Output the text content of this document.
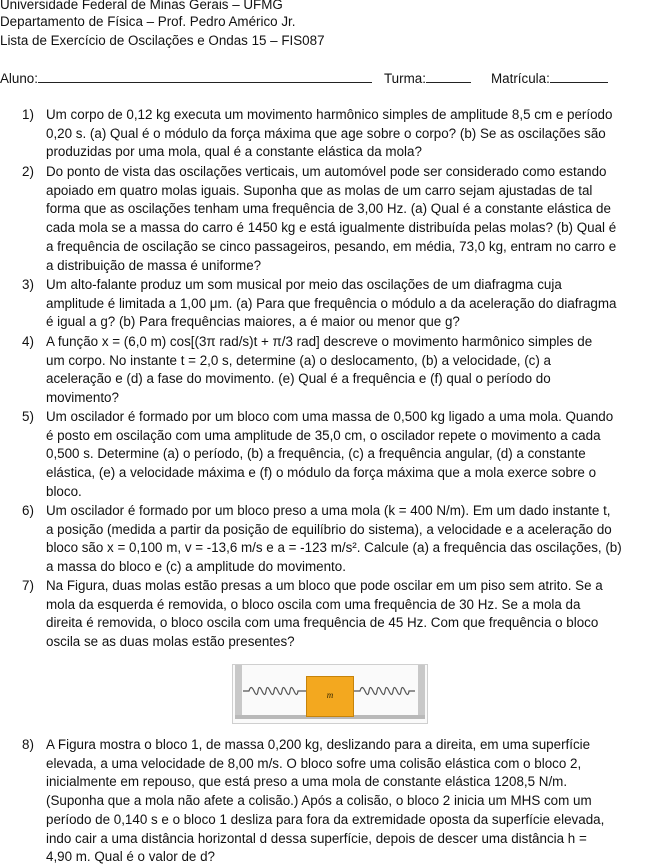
Universidade Federal de Minas Gerais – UFMG
Departamento de Física – Prof. Pedro Américo Jr.
Lista de Exercício de Oscilações e Ondas 15 – FIS087
Aluno:	Turma:	Matrícula:
1) Um corpo de 0,12 kg executa um movimento harmônico simples de amplitude 8,5 cm e período
0,20 s. (a) Qual é o módulo da força máxima que age sobre o corpo? (b) Se as oscilações são
produzidas por uma mola, qual é a constante elástica da mola?
2) Do ponto de vista das oscilações verticais, um automóvel pode ser considerado como estando
apoiado em quatro molas iguais. Suponha que as molas de um carro sejam ajustadas de tal
forma que as oscilações tenham uma frequência de 3,00 Hz. (a) Qual é a constante elástica de
cada mola se a massa do carro é 1450 kg e está igualmente distribuída pelas molas? (b) Qual é
a frequência de oscilação se cinco passageiros, pesando, em média, 73,0 kg, entram no carro e
a distribuição de massa é uniforme?
3) Um alto-falante produz um som musical por meio das oscilações de um diafragma cuja
amplitude é limitada a 1,00 μm. (a) Para que frequência o módulo a da aceleração do diafragma
é igual a g? (b) Para frequências maiores, a é maior ou menor que g?
4) A função x = (6,0 m) cos[(3π rad/s)t + π/3 rad] descreve o movimento harmônico simples de
um corpo. No instante t = 2,0 s, determine (a) o deslocamento, (b) a velocidade, (c) a
aceleração e (d) a fase do movimento. (e) Qual é a frequência e (f) qual o período do
movimento?
5) Um oscilador é formado por um bloco com uma massa de 0,500 kg ligado a uma mola. Quando
é posto em oscilação com uma amplitude de 35,0 cm, o oscilador repete o movimento a cada
0,500 s. Determine (a) o período, (b) a frequência, (c) a frequência angular, (d) a constante
elástica, (e) a velocidade máxima e (f) o módulo da força máxima que a mola exerce sobre o
bloco.
6) Um oscilador é formado por um bloco preso a uma mola (k = 400 N/m). Em um dado instante t,
a posição (medida a partir da posição de equilíbrio do sistema), a velocidade e a aceleração do
bloco são x = 0,100 m, v = -13,6 m/s e a = -123 m/s². Calcule (a) a frequência das oscilações, (b)
a massa do bloco e (c) a amplitude do movimento.
7) Na Figura, duas molas estão presas a um bloco que pode oscilar em um piso sem atrito. Se a
mola da esquerda é removida, o bloco oscila com uma frequência de 30 Hz. Se a mola da
direita é removida, o bloco oscila com uma frequência de 45 Hz. Com que frequência o bloco
oscila se as duas molas estão presentes?
m
8) A Figura mostra o bloco 1, de massa 0,200 kg, deslizando para a direita, em uma superfície
elevada, a uma velocidade de 8,00 m/s. O bloco sofre uma colisão elástica com o bloco 2,
inicialmente em repouso, que está preso a uma mola de constante elástica 1208,5 N/m.
(Suponha que a mola não afete a colisão.) Após a colisão, o bloco 2 inicia um MHS com um
período de 0,140 s e o bloco 1 desliza para fora da extremidade oposta da superfície elevada,
indo cair a uma distância horizontal d dessa superfície, depois de descer uma distância h =
4,90 m. Qual é o valor de d?
